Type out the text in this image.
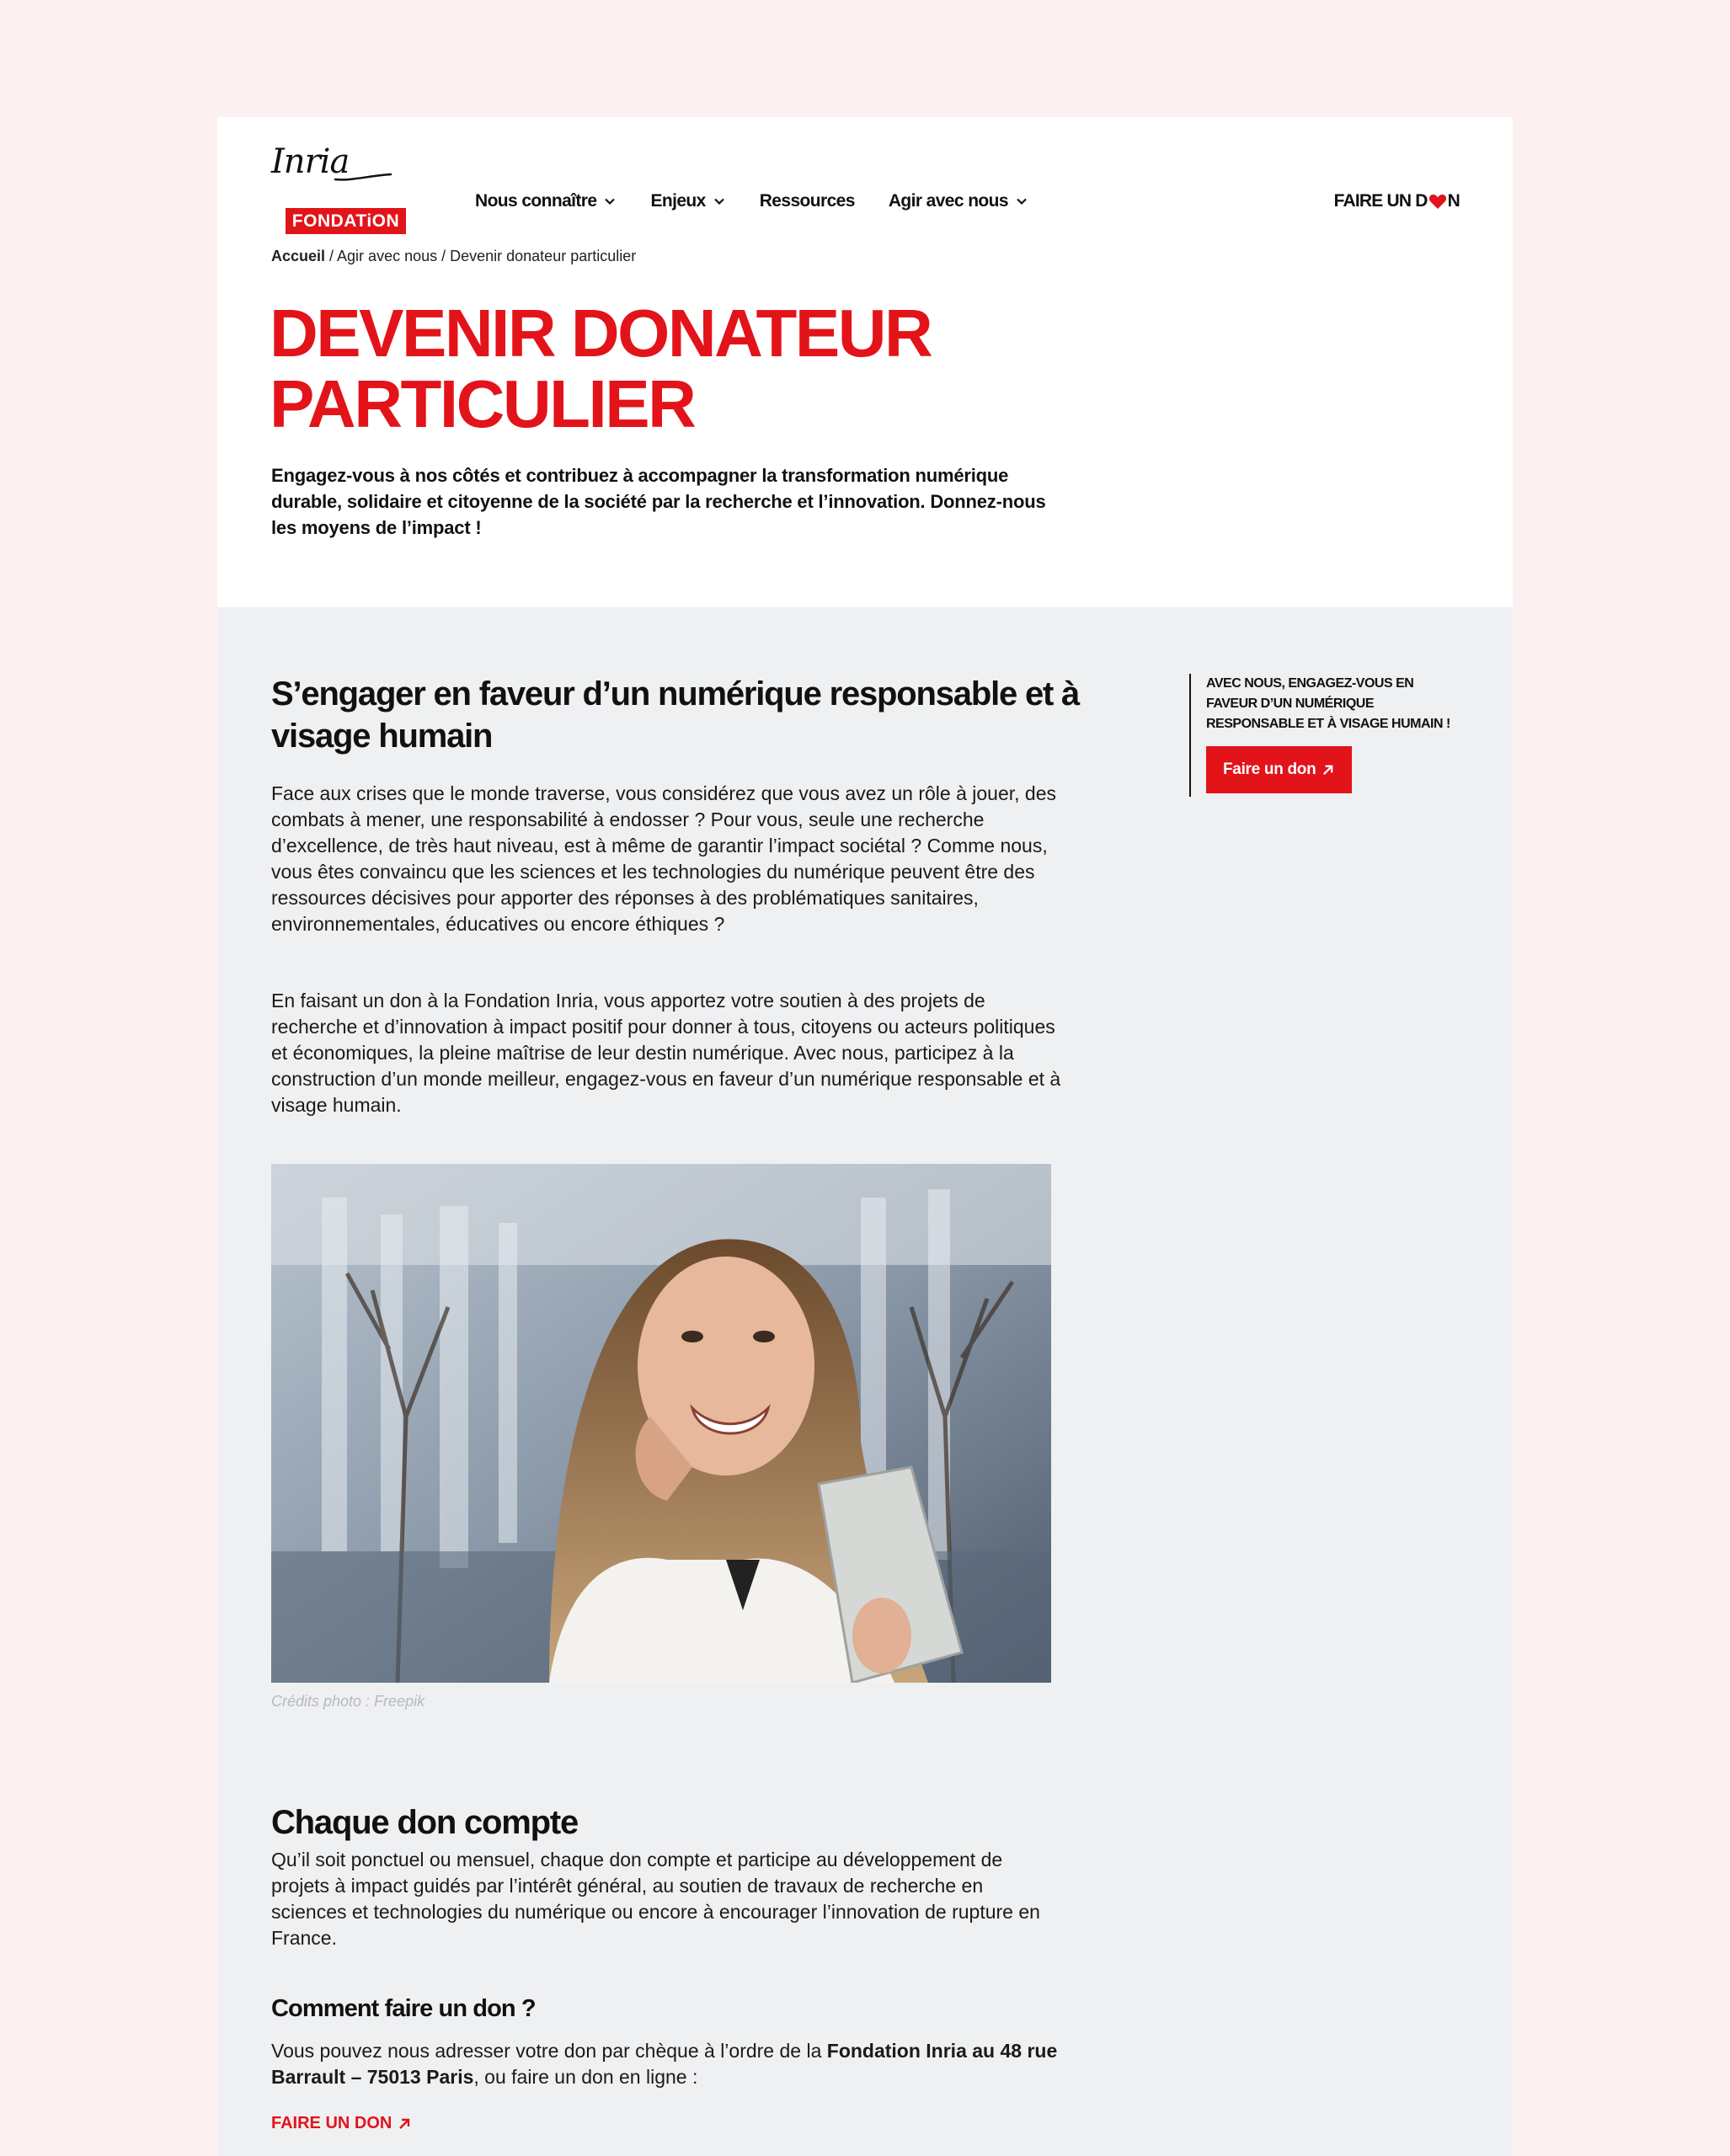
Inria
FONDATiON
Nous connaître	Enjeux	Ressources Agir avec nous	FAIRE UN D N
Accueil / Agir avec nous / Devenir donateur particulier
DEVENIR DONATEUR
PARTICULIER

Engagez-vous à nos côtés et contribuez à accompagner la transformation numérique durable, solidaire et citoyenne de la société par la recherche et l’innovation. Donnez-nous les moyens de l’impact !

S’engager en faveur d’un numérique responsable et à visage humain

Face aux crises que le monde traverse, vous considérez que vous avez un rôle à jouer, des combats à mener, une responsabilité à endosser ? Pour vous, seule une recherche d’excellence, de très haut niveau, est à même de garantir l’impact sociétal ? Comme nous, vous êtes convaincu que les sciences et les technologies du numérique peuvent être des ressources décisives pour apporter des réponses à des problématiques sanitaires, environnementales, éducatives ou encore éthiques ?

En faisant un don à la Fondation Inria, vous apportez votre soutien à des projets de recherche et d’innovation à impact positif pour donner à tous, citoyens ou acteurs politiques et économiques, la pleine maîtrise de leur destin numérique. Avec nous, participez à la construction d’un monde meilleur, engagez-vous en faveur d’un numérique responsable et à visage humain.

Crédits photo : Freepik
Chaque don compte

Qu’il soit ponctuel ou mensuel, chaque don compte et participe au développement de projets à impact guidés par l’intérêt général, au soutien de travaux de recherche en sciences et technologies du numérique ou encore à encourager l’innovation de rupture en France.

Comment faire un don ?

Vous pouvez nous adresser votre don par chèque à l’ordre de la Fondation Inria au 48 rue Barrault – 75013 Paris, ou faire un don en ligne :

FAIRE UN DON
AVEC NOUS, ENGAGEZ-VOUS EN FAVEUR D’UN NUMÉRIQUE RESPONSABLE ET À VISAGE HUMAIN !
Faire un don
